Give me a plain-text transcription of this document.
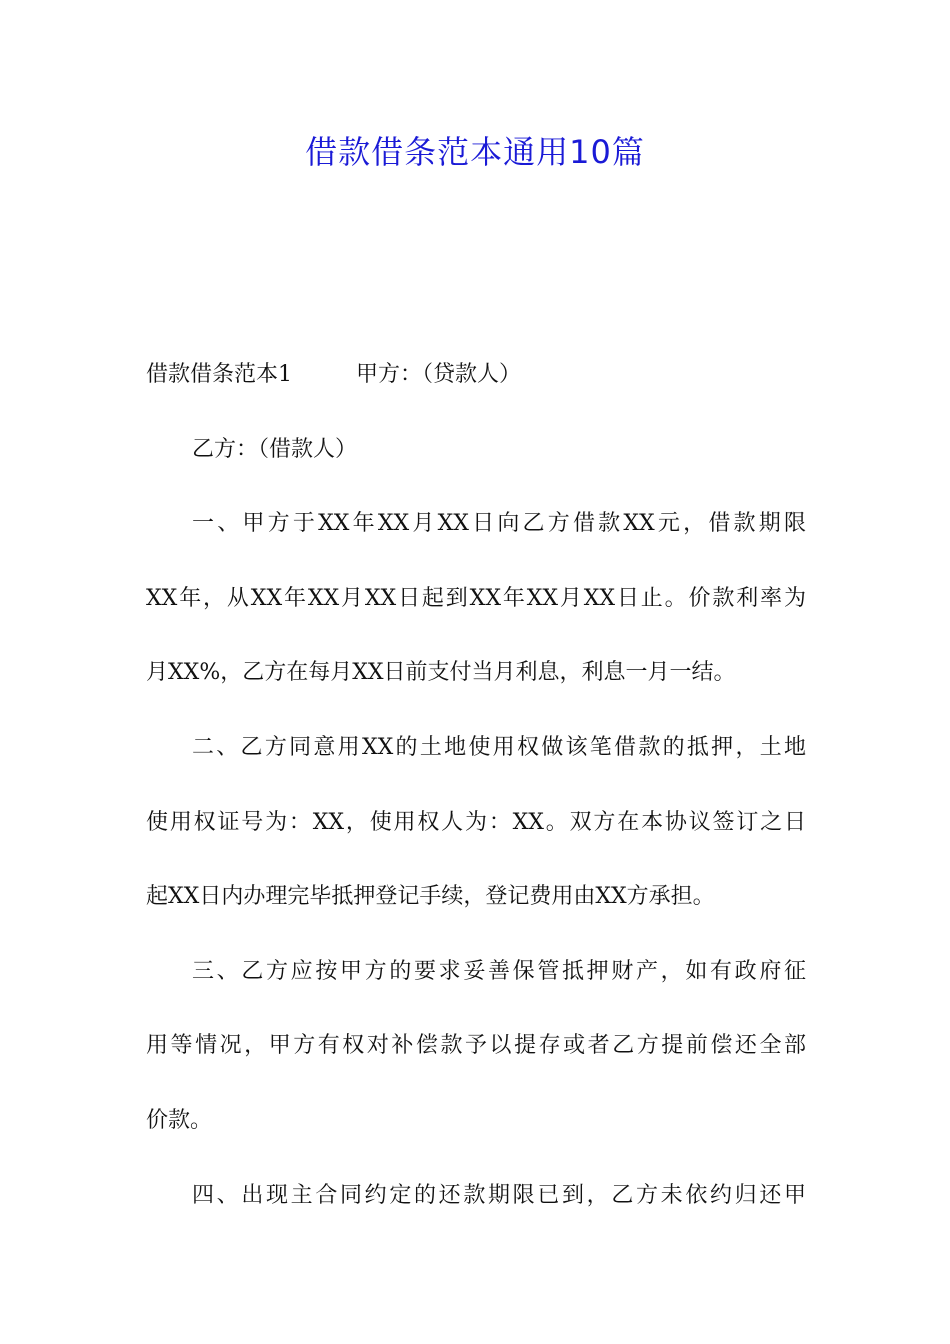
借款借条范本通用10篇
借款借条范本1	甲方：（贷款人）
乙方：（借款人）
一、甲方于XX年XX月XX日向乙方借款XX元，借款期限
XX年，从XX年XX月XX日起到XX年XX月XX日止。价款利率为
月XX%，乙方在每月XX日前支付当月利息，利息一月一结。
二、乙方同意用XX的土地使用权做该笔借款的抵押，土地
使用权证号为：XX，使用权人为：XX。双方在本协议签订之日
起XX日内办理完毕抵押登记手续，登记费用由XX方承担。
三、乙方应按甲方的要求妥善保管抵押财产，如有政府征
用等情况，甲方有权对补偿款予以提存或者乙方提前偿还全部
价款。
四、出现主合同约定的还款期限已到，乙方未依约归还甲
